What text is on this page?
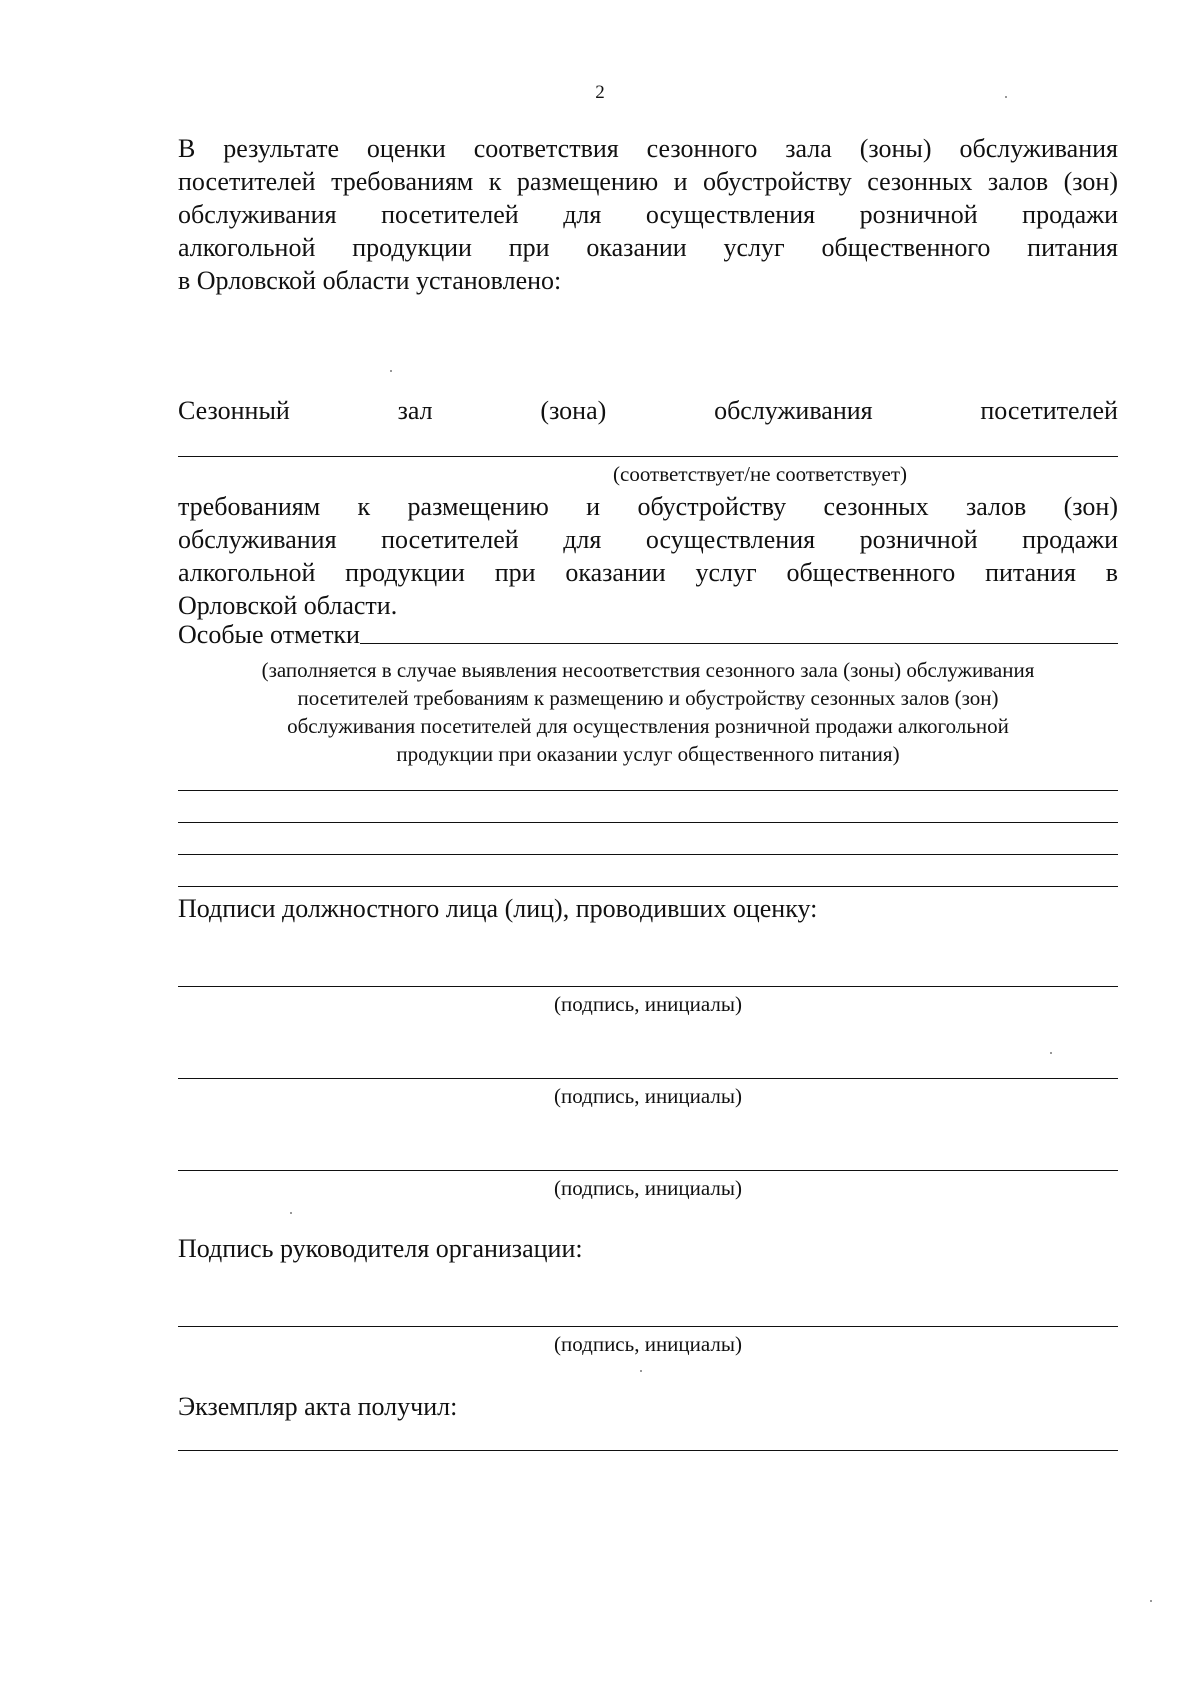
2
В результате оценки соответствия сезонного зала (зоны) обслуживания
посетителей требованиям к размещению и обустройству сезонных залов (зон)
обслуживания посетителей для осуществления розничной продажи
алкогольной продукции при оказании услуг общественного питания
в Орловской области установлено:
Сезонный	зал	(зона)	обслуживания	посетителей
(соответствует/не соответствует)
требованиям к размещению и обустройству сезонных залов (зон)
обслуживания посетителей для осуществления розничной продажи
алкогольной продукции при оказании услуг общественного питания в
Орловской области.
Особые отметки
(заполняется в случае выявления несоответствия сезонного зала (зоны) обслуживания
посетителей требованиям к размещению и обустройству сезонных залов (зон)
обслуживания посетителей для осуществления розничной продажи алкогольной
продукции при оказании услуг общественного питания)
Подписи должностного лица (лиц), проводивших оценку:
(подпись, инициалы)
(подпись, инициалы)
(подпись, инициалы)
Подпись руководителя организации:
(подпись, инициалы)
Экземпляр акта получил:
